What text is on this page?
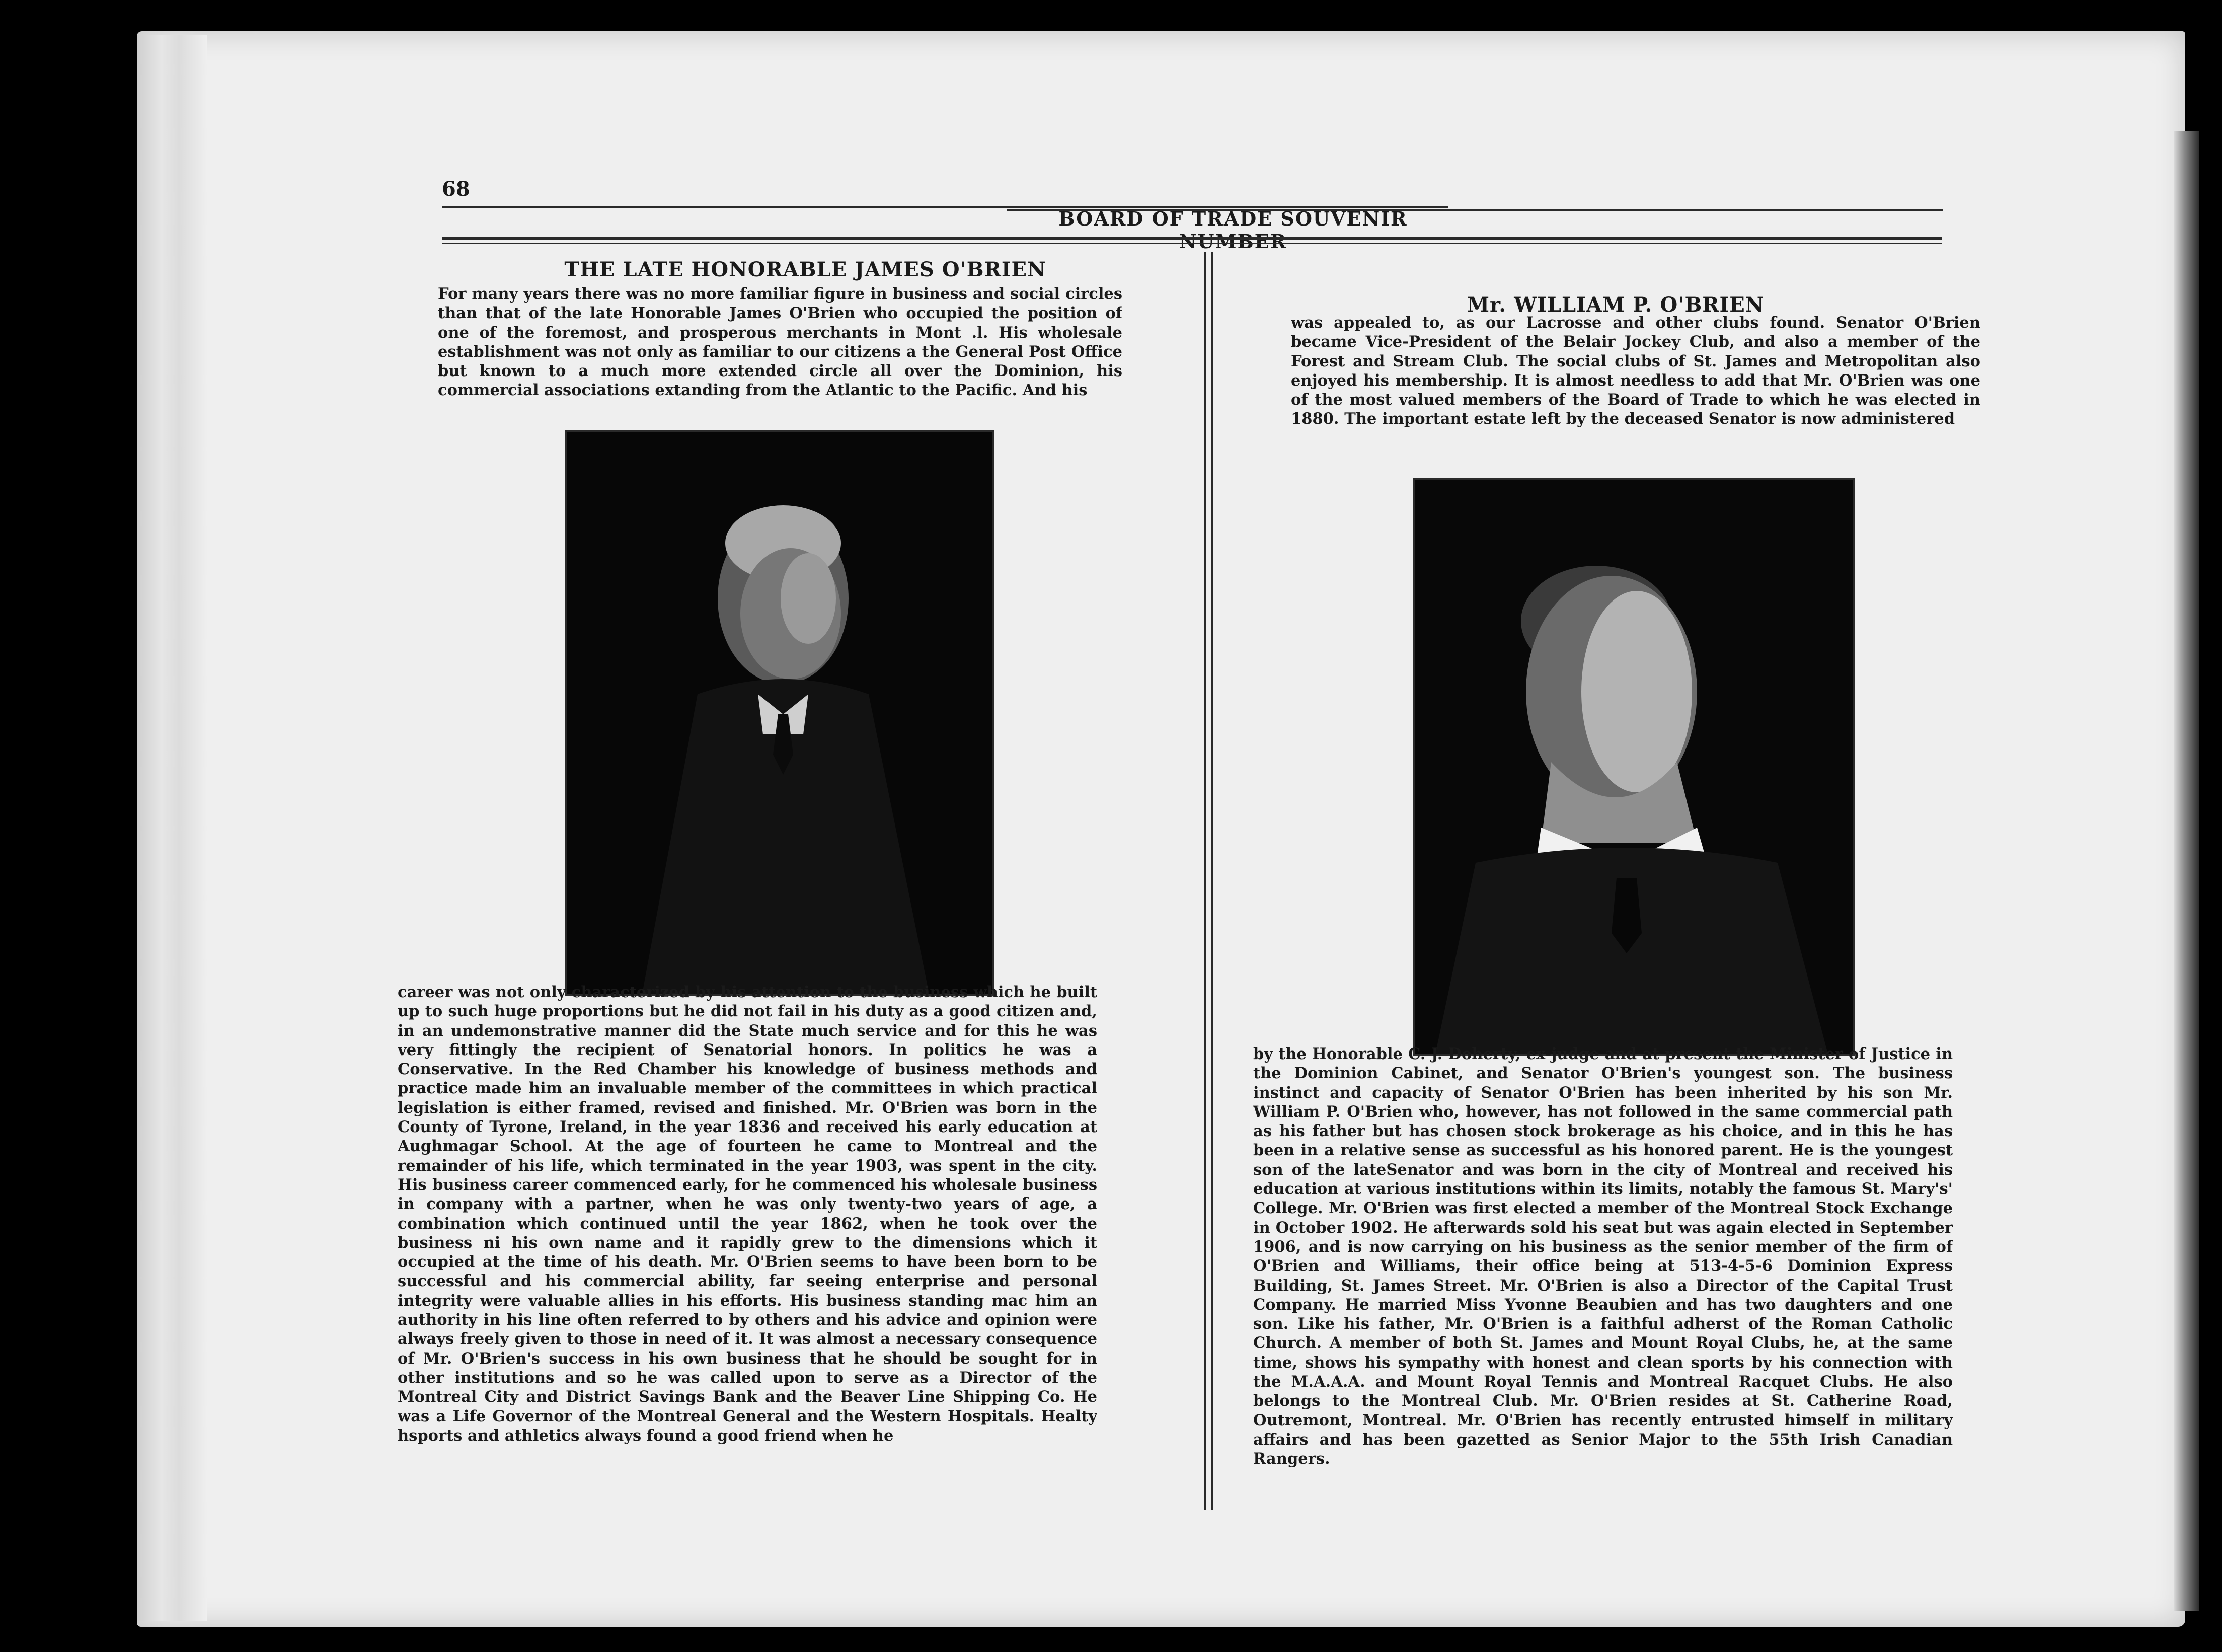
68
BOARD OF TRADE SOUVENIR NUMBER
THE LATE HONORABLE JAMES O'BRIEN
For many years there was no more familiar figure in business and social circles than that of the late Honorable James O'Brien who occupied the position of one of the foremost, and prosperous merchants in Mont .l. His wholesale establishment was not only as familiar to our citizens a the General Post Office but known to a much more extended circle all over the Dominion, his commercial associations extanding from the Atlantic to the Pacific. And his
career was not only characterized by his attention to the business which he built up to such huge proportions but he did not fail in his duty as a good citizen and, in an undemonstrative manner did the State much service and for this he was very fittingly the recipient of Senatorial honors. In politics he was a Conservative. In the Red Chamber his knowledge of business methods and practice made him an invaluable member of the committees in which practical legislation is either framed, revised and finished. Mr. O'Brien was born in the County of Tyrone, Ireland, in the year 1836 and received his early education at Aughmagar School. At the age of fourteen he came to Montreal and the remainder of his life, which terminated in the year 1903, was spent in the city. His business career commenced early, for he commenced his wholesale business in company with a partner, when he was only twenty-two years of age, a combination which continued until the year 1862, when he took over the business ni his own name and it rapidly grew to the dimensions which it occupied at the time of his death. Mr. O'Brien seems to have been born to be successful and his commercial ability, far seeing enterprise and personal integrity were valuable allies in his efforts. His business standing mac him an authority in his line often referred to by others and his advice and opinion were always freely given to those in need of it. It was almost a necessary consequence of Mr. O'Brien's success in his own business that he should be sought for in other institutions and so he was called upon to serve as a Director of the Montreal City and District Savings Bank and the Beaver Line Shipping Co. He was a Life Governor of the Montreal General and the Western Hospitals. Healty hsports and athletics always found a good friend when he
Mr. WILLIAM P. O'BRIEN
was appealed to, as our Lacrosse and other clubs found. Senator O'Brien became Vice-President of the Belair Jockey Club, and also a member of the Forest and Stream Club. The social clubs of St. James and Metropolitan also enjoyed his membership. It is almost needless to add that Mr. O'Brien was one of the most valued members of the Board of Trade to which he was elected in 1880. The important estate left by the deceased Senator is now administered
by the Honorable C. J. Doherty, ex-judge and at present the Minister of Justice in the Dominion Cabinet, and Senator O'Brien's youngest son. The business instinct and capacity of Senator O'Brien has been inherited by his son Mr. William P. O'Brien who, however, has not followed in the same commercial path as his father but has chosen stock brokerage as his choice, and in this he has been in a relative sense as successful as his honored parent. He is the youngest son of the lateSenator and was born in the city of Montreal and received his education at various institutions within its limits, notably the famous St. Mary's' College. Mr. O'Brien was first elected a member of the Montreal Stock Exchange in October 1902. He afterwards sold his seat but was again elected in September 1906, and is now carrying on his business as the senior member of the firm of O'Brien and Williams, their office being at 513-4-5-6 Dominion Express Building, St. James Street. Mr. O'Brien is also a Director of the Capital Trust Company. He married Miss Yvonne Beaubien and has two daughters and one son. Like his father, Mr. O'Brien is a faithful adherst of the Roman Catholic Church. A member of both St. James and Mount Royal Clubs, he, at the same time, shows his sympathy with honest and clean sports by his connection with the M.A.A.A. and Mount Royal Tennis and Montreal Racquet Clubs. He also belongs to the Montreal Club. Mr. O'Brien resides at St. Catherine Road, Outremont, Montreal. Mr. O'Brien has recently entrusted himself in military affairs and has been gazetted as Senior Major to the 55th Irish Canadian Rangers.
